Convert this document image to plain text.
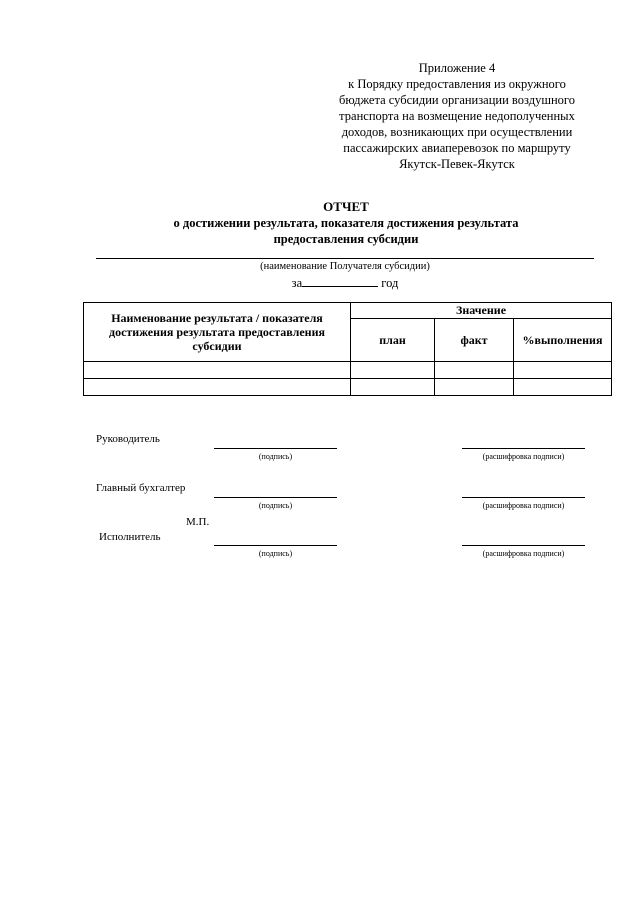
Приложение 4
к Порядку предоставления из окружного
бюджета субсидии организации воздушного
транспорта на возмещение недополученных
доходов, возникающих при осуществлении
пассажирских авиаперевозок по маршруту
Якутск-Певек-Якутск
ОТЧЕТ
о достижении результата, показателя достижения результата
предоставления субсидии
(наименование Получателя субсидии)
за	год
Наименование результата / показателя достижения результата предоставления субсидии	Значение		
	план	факт	%выполнения

Руководитель
(подпись)	(расшифровка подписи)
Главный бухгалтер
(подпись)	(расшифровка подписи)
М.П.
Исполнитель
(подпись)	(расшифровка подписи)
